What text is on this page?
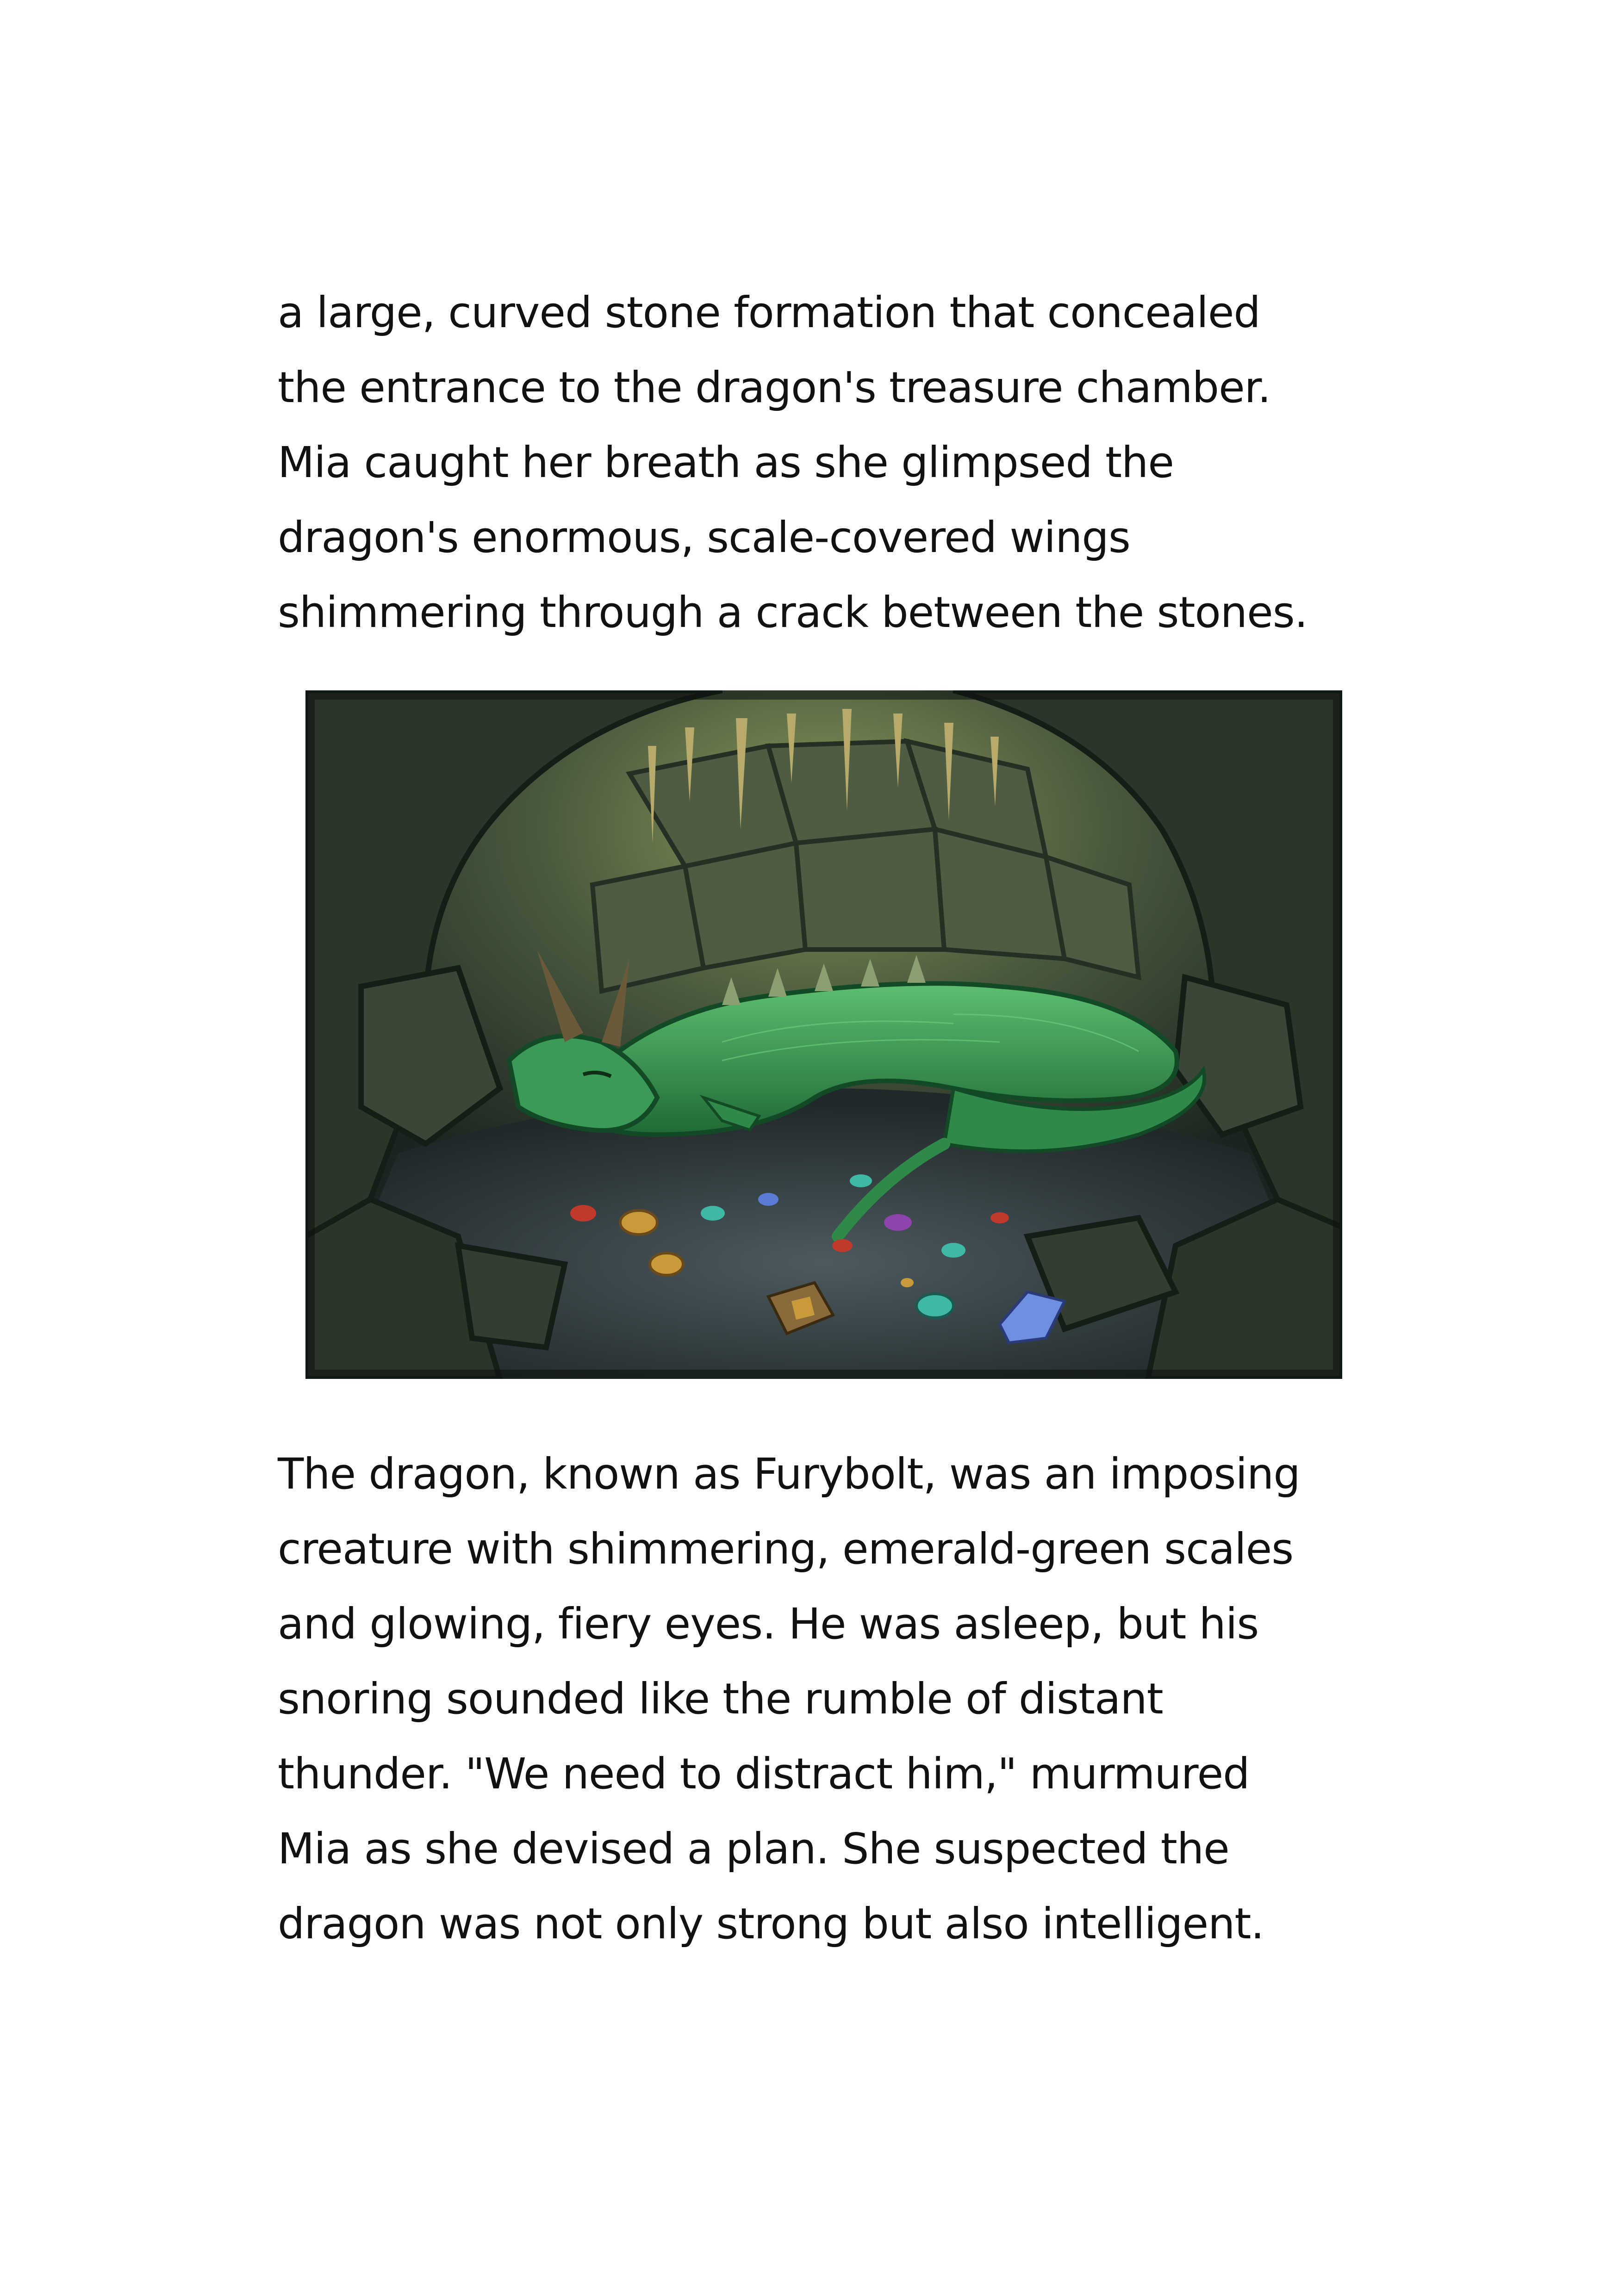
a large, curved stone formation that concealed
the entrance to the dragon's treasure chamber.
Mia caught her breath as she glimpsed the
dragon's enormous, scale-covered wings
shimmering through a crack between the stones.
The dragon, known as Furybolt, was an imposing
creature with shimmering, emerald-green scales
and glowing, fiery eyes. He was asleep, but his
snoring sounded like the rumble of distant
thunder. "We need to distract him," murmured
Mia as she devised a plan. She suspected the
dragon was not only strong but also intelligent.
